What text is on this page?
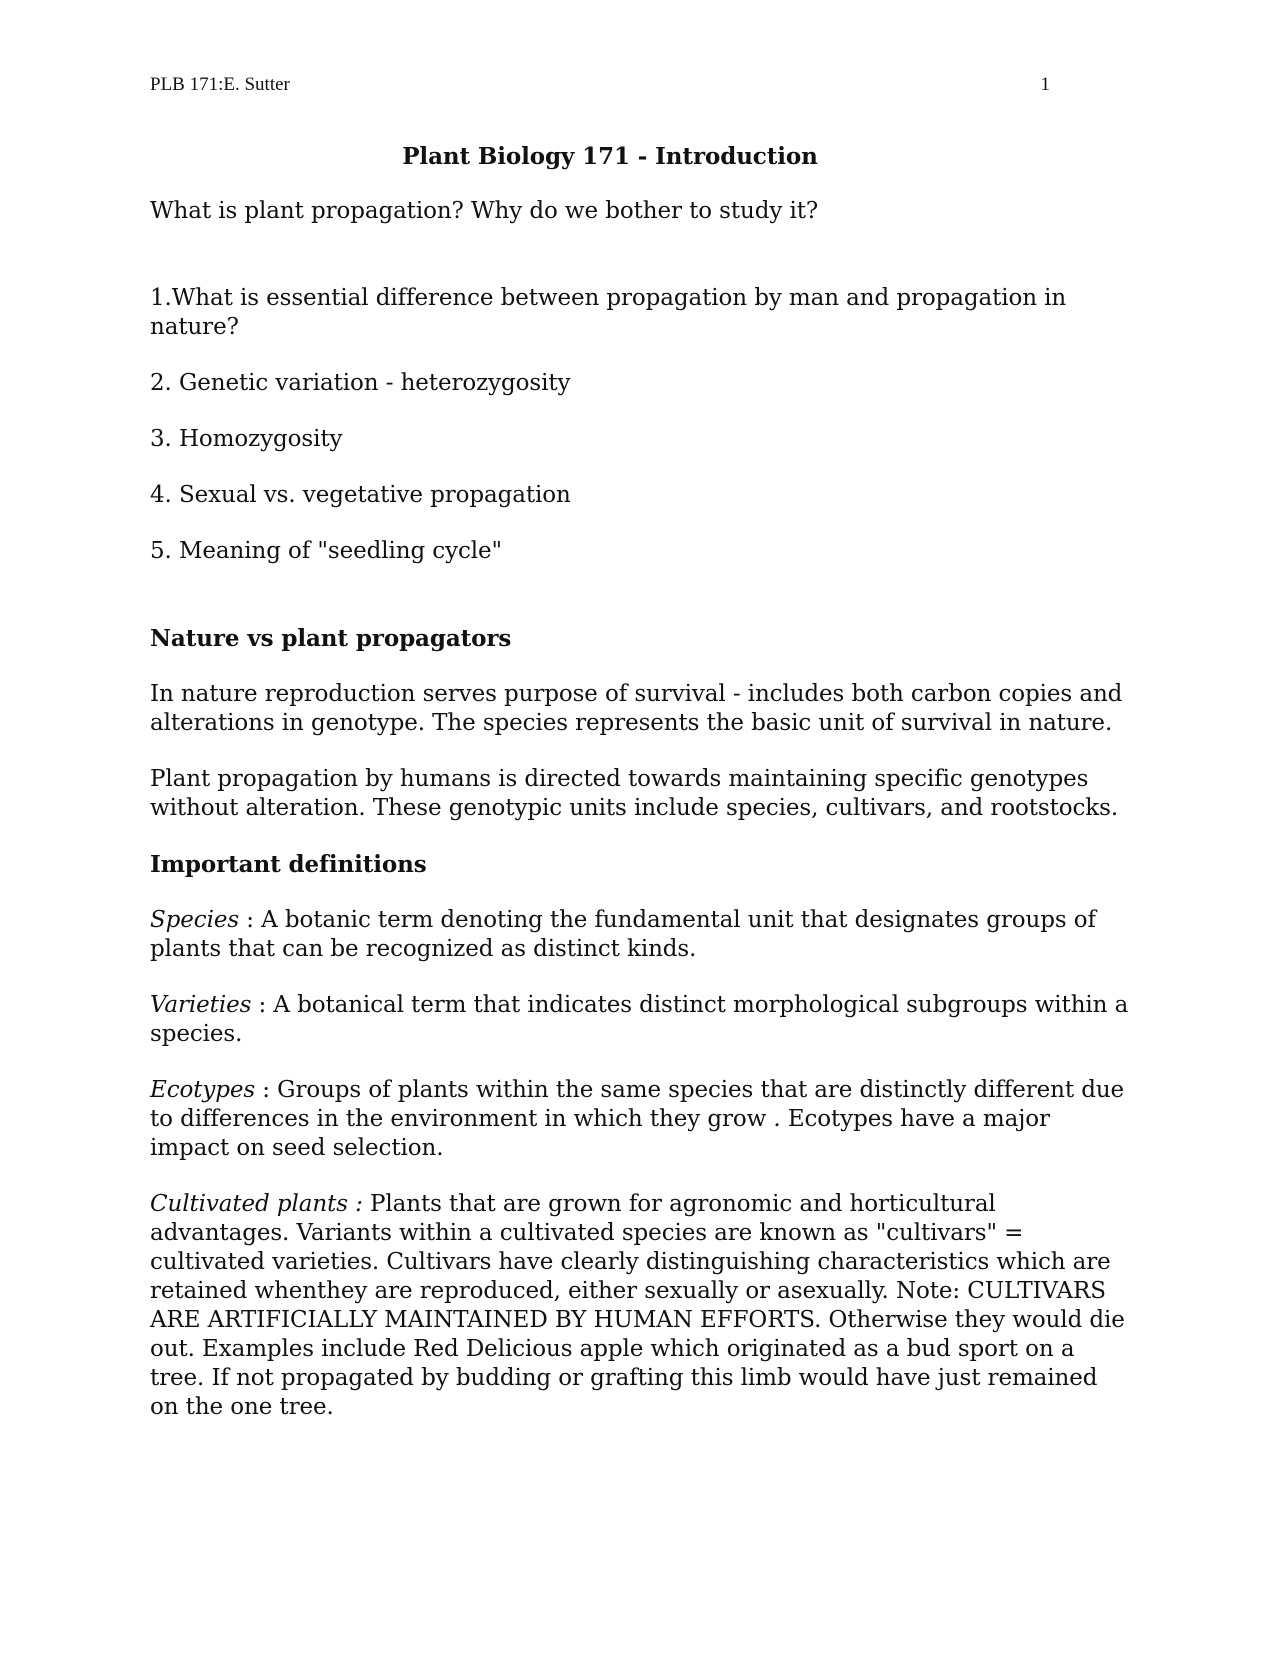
PLB 171:E. Sutter	1

Plant Biology 171 - Introduction

What is plant propagation? Why do we bother to study it?

1.What is essential difference between propagation by man and propagation in nature?

2. Genetic variation - heterozygosity

3. Homozygosity

4. Sexual vs. vegetative propagation

5. Meaning of "seedling cycle"

Nature vs plant propagators

In nature reproduction serves purpose of survival - includes both carbon copies and alterations in genotype. The species represents the basic unit of survival in nature.

Plant propagation by humans is directed towards maintaining specific genotypes without alteration. These genotypic units include species, cultivars, and rootstocks.

Important definitions

Species : A botanic term denoting the fundamental unit that designates groups of plants that can be recognized as distinct kinds.

Varieties : A botanical term that indicates distinct morphological subgroups within a species.

Ecotypes : Groups of plants within the same species that are distinctly different due to differences in the environment in which they grow . Ecotypes have a major impact on seed selection.

Cultivated plants : Plants that are grown for agronomic and horticultural advantages. Variants within a cultivated species are known as "cultivars" = cultivated varieties. Cultivars have clearly distinguishing characteristics which are retained whenthey are reproduced, either sexually or asexually. Note: CULTIVARS ARE ARTIFICIALLY MAINTAINED BY HUMAN EFFORTS. Otherwise they would die out. Examples include Red Delicious apple which originated as a bud sport on a tree. If not propagated by budding or grafting this limb would have just remained on the one tree.
